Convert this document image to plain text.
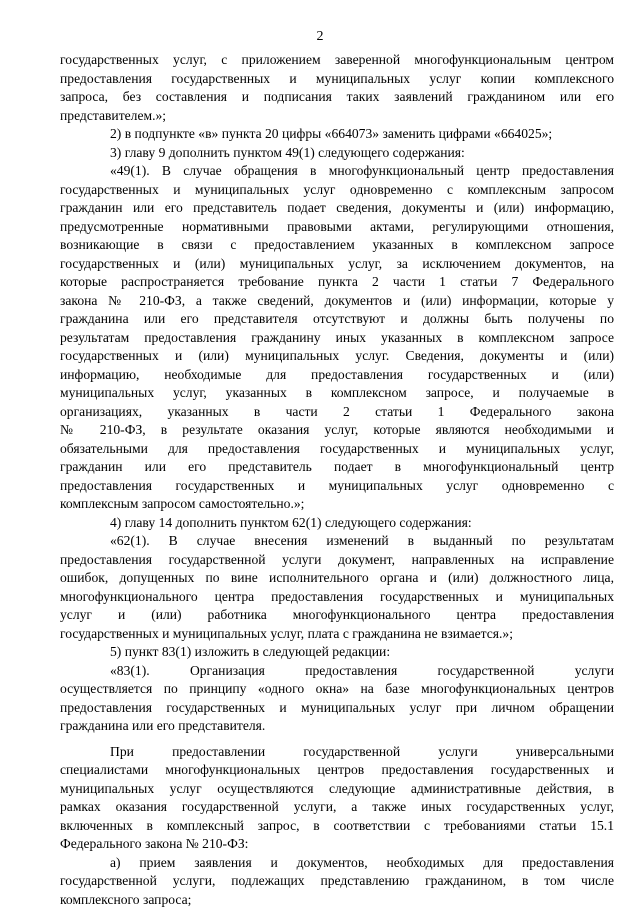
2
государственных услуг, с приложением заверенной многофункциональным центром
предоставления государственных и муниципальных услуг копии комплексного
запроса, без составления и подписания таких заявлений гражданином или его
представителем.»;
2) в подпункте «в» пункта 20 цифры «664073» заменить цифрами «664025»;
3) главу 9 дополнить пунктом 49(1) следующего содержания:
«49(1). В случае обращения в многофункциональный центр предоставления
государственных и муниципальных услуг одновременно с комплексным запросом
гражданин или его представитель подает сведения, документы и (или) информацию,
предусмотренные нормативными правовыми актами, регулирующими отношения,
возникающие в связи с предоставлением указанных в комплексном запросе
государственных и (или) муниципальных услуг, за исключением документов, на
которые распространяется требование пункта 2 части 1 статьи 7 Федерального
закона № 210-ФЗ, а также сведений, документов и (или) информации, которые у
гражданина или его представителя отсутствуют и должны быть получены по
результатам предоставления гражданину иных указанных в комплексном запросе
государственных и (или) муниципальных услуг. Сведения, документы и (или)
информацию, необходимые для предоставления государственных и (или)
муниципальных услуг, указанных в комплексном запросе, и получаемые в
организациях, указанных в части 2 статьи 1 Федерального закона
№ 210-ФЗ, в результате оказания услуг, которые являются необходимыми и
обязательными для предоставления государственных и муниципальных услуг,
гражданин или его представитель подает в многофункциональный центр
предоставления государственных и муниципальных услуг одновременно с
комплексным запросом самостоятельно.»;
4) главу 14 дополнить пунктом 62(1) следующего содержания:
«62(1). В случае внесения изменений в выданный по результатам
предоставления государственной услуги документ, направленных на исправление
ошибок, допущенных по вине исполнительного органа и (или) должностного лица,
многофункционального центра предоставления государственных и муниципальных
услуг и (или) работника многофункционального центра предоставления
государственных и муниципальных услуг, плата с гражданина не взимается.»;
5) пункт 83(1) изложить в следующей редакции:
«83(1). Организация предоставления государственной услуги
осуществляется по принципу «одного окна» на базе многофункциональных центров
предоставления государственных и муниципальных услуг при личном обращении
гражданина или его представителя.
При предоставлении государственной услуги универсальными
специалистами многофункциональных центров предоставления государственных и
муниципальных услуг осуществляются следующие административные действия, в
рамках оказания государственной услуги, а также иных государственных услуг,
включенных в комплексный запрос, в соответствии с требованиями статьи 15.1
Федерального закона № 210-ФЗ:
а) прием заявления и документов, необходимых для предоставления
государственной услуги, подлежащих представлению гражданином, в том числе
комплексного запроса;
